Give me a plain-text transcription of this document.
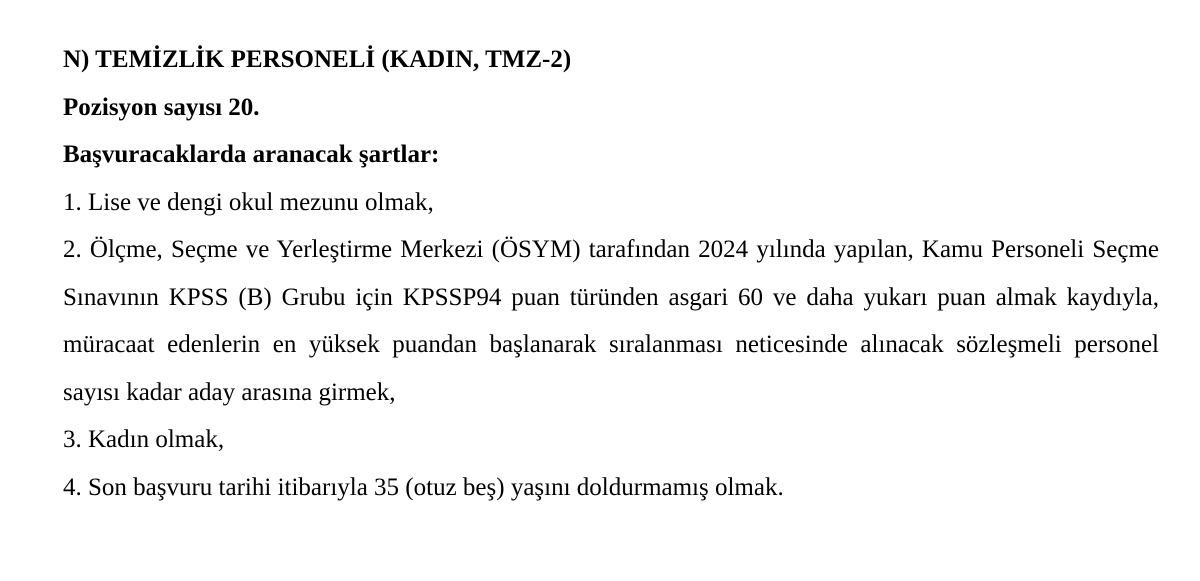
N) TEMİZLİK PERSONELİ (KADIN, TMZ-2)
Pozisyon sayısı 20.
Başvuracaklarda aranacak şartlar:
1. Lise ve dengi okul mezunu olmak,
2. Ölçme, Seçme ve Yerleştirme Merkezi (ÖSYM) tarafından 2024 yılında yapılan, Kamu Personeli Seçme Sınavının KPSS (B) Grubu için KPSSP94 puan türünden asgari 60 ve daha yukarı puan almak kaydıyla, müracaat edenlerin en yüksek puandan başlanarak sıralanması neticesinde alınacak sözleşmeli personel sayısı kadar aday arasına girmek,
3. Kadın olmak,
4. Son başvuru tarihi itibarıyla 35 (otuz beş) yaşını doldurmamış olmak.
